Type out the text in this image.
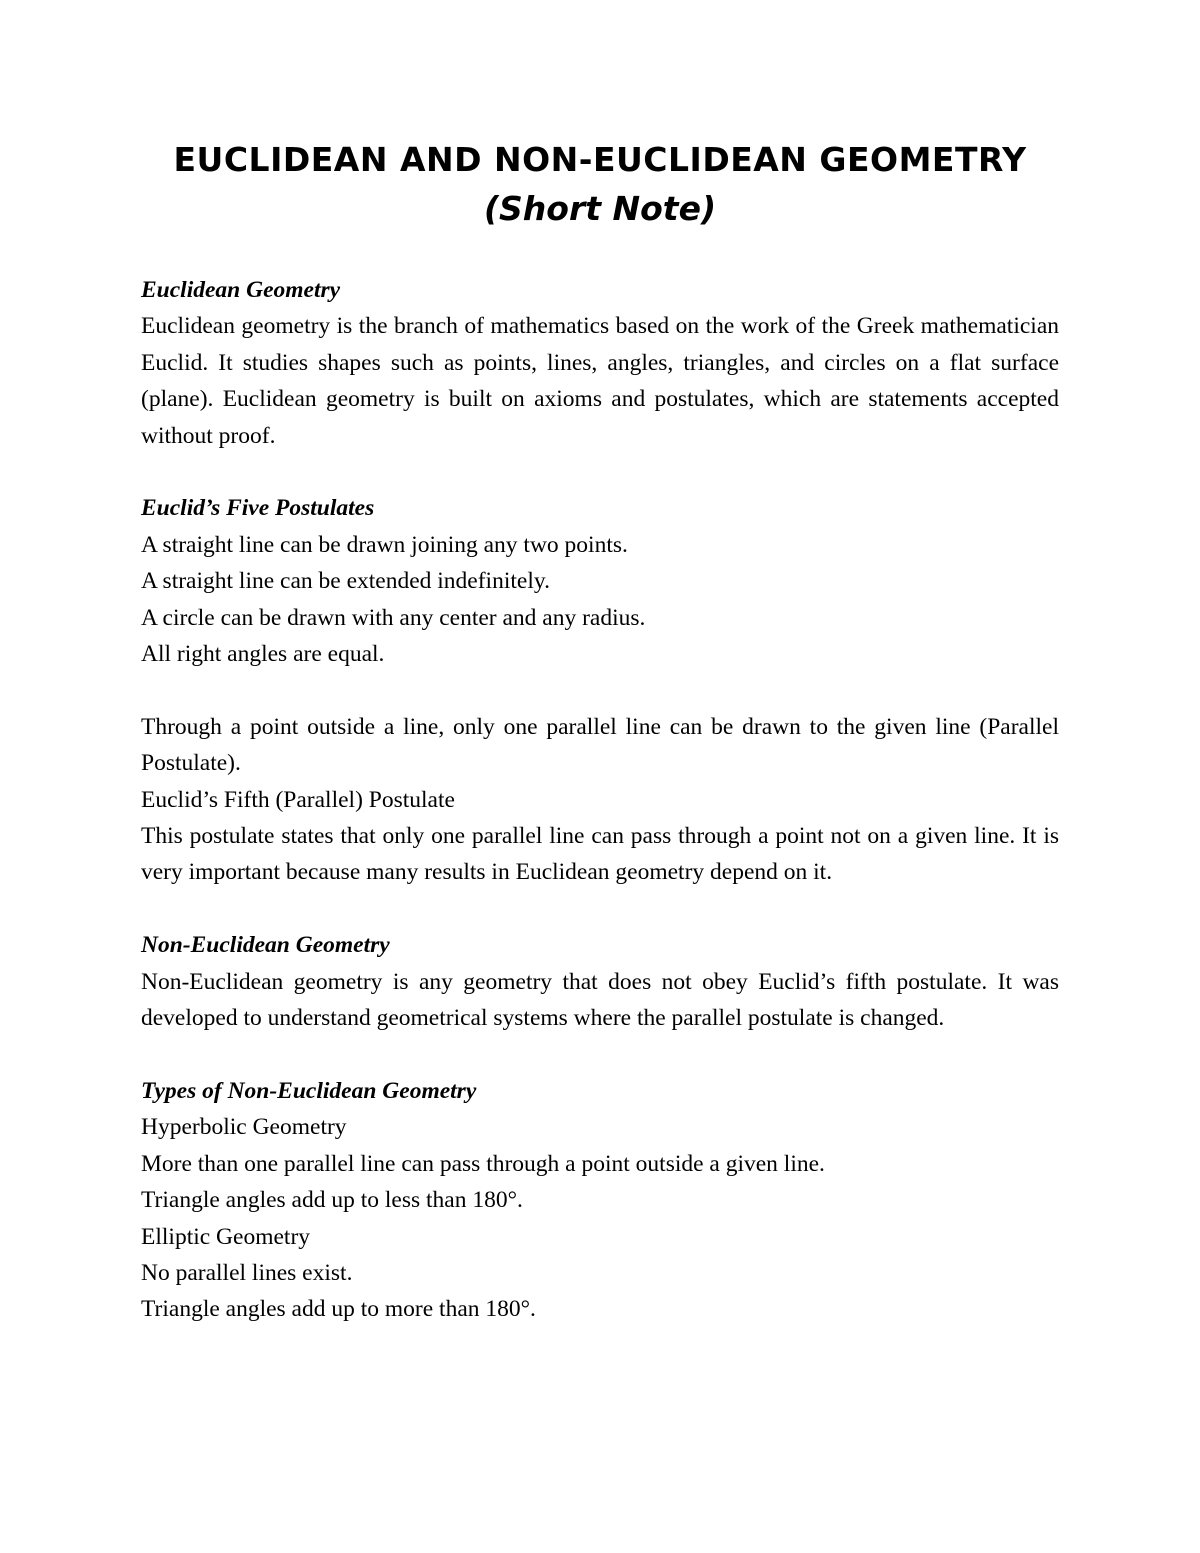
EUCLIDEAN AND NON-EUCLIDEAN GEOMETRY

(Short Note)

Euclidean Geometry
Euclidean geometry is the branch of mathematics based on the work of the Greek mathematician Euclid. It studies shapes such as points, lines, angles, triangles, and circles on a flat surface (plane). Euclidean geometry is built on axioms and postulates, which are statements accepted without proof.
Euclid’s Five Postulates
A straight line can be drawn joining any two points.
A straight line can be extended indefinitely.
A circle can be drawn with any center and any radius.
All right angles are equal.
Through a point outside a line, only one parallel line can be drawn to the given line (Parallel Postulate).
Euclid’s Fifth (Parallel) Postulate
This postulate states that only one parallel line can pass through a point not on a given line. It is very important because many results in Euclidean geometry depend on it.
Non-Euclidean Geometry
Non-Euclidean geometry is any geometry that does not obey Euclid’s fifth postulate. It was developed to understand geometrical systems where the parallel postulate is changed.
Types of Non-Euclidean Geometry
Hyperbolic Geometry
More than one parallel line can pass through a point outside a given line.
Triangle angles add up to less than 180°.
Elliptic Geometry
No parallel lines exist.
Triangle angles add up to more than 180°.
